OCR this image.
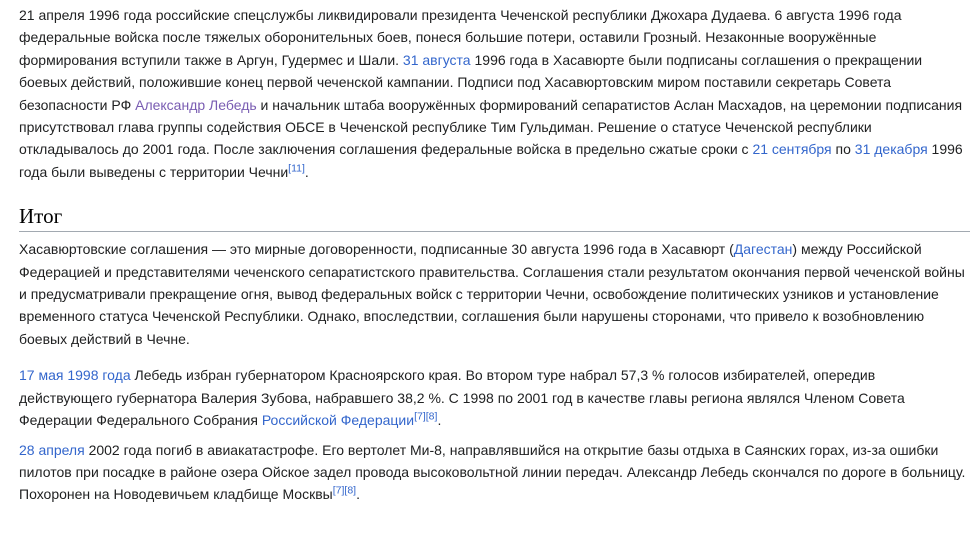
21 апреля 1996 года российские спецслужбы ликвидировали президента Чеченской республики Джохара Дудаева. 6 августа 1996 года федеральные войска после тяжелых оборонительных боев, понеся большие потери, оставили Грозный. Незаконные вооружённые формирования вступили также в Аргун, Гудермес и Шали. 31 августа 1996 года в Хасавюрте были подписаны соглашения о прекращении боевых действий, положившие конец первой чеченской кампании. Подписи под Хасавюртовским миром поставили секретарь Совета безопасности РФ Александр Лебедь и начальник штаба вооружённых формирований сепаратистов Аслан Масхадов, на церемонии подписания присутствовал глава группы содействия ОБСЕ в Чеченской республике Тим Гульдиман. Решение о статусе Чеченской республики откладывалось до 2001 года. После заключения соглашения федеральные войска в предельно сжатые сроки с 21 сентября по 31 декабря 1996 года были выведены с территории Чечни[11].

Итог

Хасавюртовские соглашения — это мирные договоренности, подписанные 30 августа 1996 года в Хасавюрт (Дагестан) между Российской Федерацией и представителями чеченского сепаратистского правительства. Соглашения стали результатом окончания первой чеченской войны и предусматривали прекращение огня, вывод федеральных войск с территории Чечни, освобождение политических узников и установление временного статуса Чеченской Республики. Однако, впоследствии, соглашения были нарушены сторонами, что привело к возобновлению боевых действий в Чечне.

17 мая 1998 года Лебедь избран губернатором Красноярского края. Во втором туре набрал 57,3 % голосов избирателей, опередив действующего губернатора Валерия Зубова, набравшего 38,2 %. С 1998 по 2001 год в качестве главы региона являлся Членом Совета Федерации Федерального Собрания Российской Федерации[7][8].

28 апреля 2002 года погиб в авиакатастрофе. Его вертолет Ми-8, направлявшийся на открытие базы отдыха в Саянских горах, из-за ошибки пилотов при посадке в районе озера Ойское задел провода высоковольтной линии передач. Александр Лебедь скончался по дороге в больницу. Похоронен на Новодевичьем кладбище Москвы[7][8].
